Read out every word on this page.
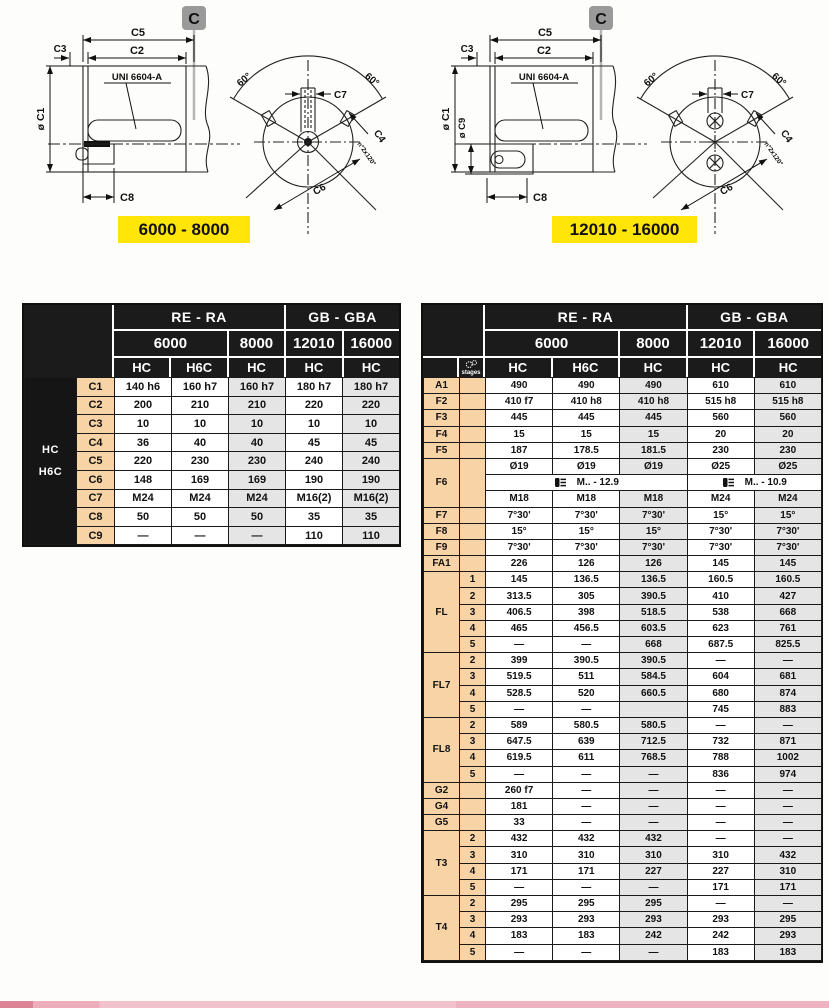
C
C5
C2
C3
UNI 6604-A
ø C1
C8
60°	60°
C7
C4
n°2x120°
C6
6000 - 8000
C
C5
C2
C3
UNI 6604-A
ø C1 ø C9
C8
60°	60°
C7
C4
n°2x120°
C6
12010 - 16000
RE - RA	GB - GBA
6000	8000	12010	16000
HC	H6C	HC	HC	HC
HC
H6C	C1	140 h6	160 h7	160 h7	180 h7	180 h7
	C2	200	210	210	220	220
	C3	10	10	10	10	10
	C4	36	40	40	45	45
	C5	220	230	230	240	240
	C6	148	169	169	190	190
	C7	M24	M24	M24	M16(2)	M16(2)
	C8	50	50	50	35	35
	C9	—	—	—	110	110
RE - RA	GB - GBA
6000	8000	12010	16000
stages	HC	H6C	HC	HC	HC
A1		490	490	490	610	610
F2		410 f7	410 h8	410 h8	515 h8	515 h8
F3		445	445	445	560	560
F4		15	15	15	20	20
F5		187	178.5	181.5	230	230
F6		Ø19	Ø19	Ø19	Ø25	Ø25

		M.. - 12.9			M.. - 10.9	

		M18	M18	M18	M24	M24
F7		7°30'	7°30'	7°30'	15°	15°
F8		15°	15°	15°	7°30'	7°30'
F9		7°30'	7°30'	7°30'	7°30'	7°30'
FA1		226	126	126	145	145
FL	1	145	136.5	136.5	160.5	160.5
	2	313.5	305	390.5	410	427
	3	406.5	398	518.5	538	668
	4	465	456.5	603.5	623	761
	5	—	—	668	687.5	825.5
FL7	2	399	390.5	390.5	—	—
	3	519.5	511	584.5	604	681
	4	528.5	520	660.5	680	874
	5	—	—		745	883
FL8	2	589	580.5	580.5	—	—
	3	647.5	639	712.5	732	871
	4	619.5	611	768.5	788	1002
	5	—	—	—	836	974
G2		260 f7	—	—	—	—
G4		181	—	—	—	—
G5		33	—	—	—	—
T3	2	432	432	432	—	—
	3	310	310	310	310	432
	4	171	171	227	227	310
	5	—	—	—	171	171
T4	2	295	295	295	—	—
	3	293	293	293	293	295
	4	183	183	242	242	293
	5	—	—	—	183	183
